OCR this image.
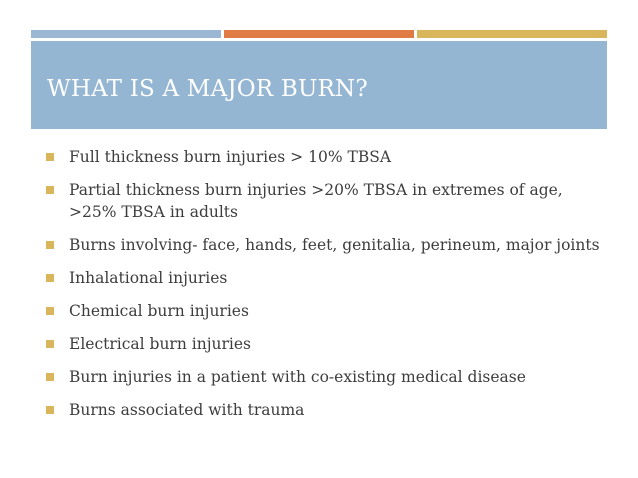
WHAT IS A MAJOR BURN?
Full thickness burn injuries > 10% TBSA
Partial thickness burn injuries >20% TBSA in extremes of age, >25% TBSA in adults
Burns involving- face, hands, feet, genitalia, perineum, major joints
Inhalational injuries
Chemical burn injuries
Electrical burn injuries
Burn injuries in a patient with co-existing medical disease
Burns associated with trauma
